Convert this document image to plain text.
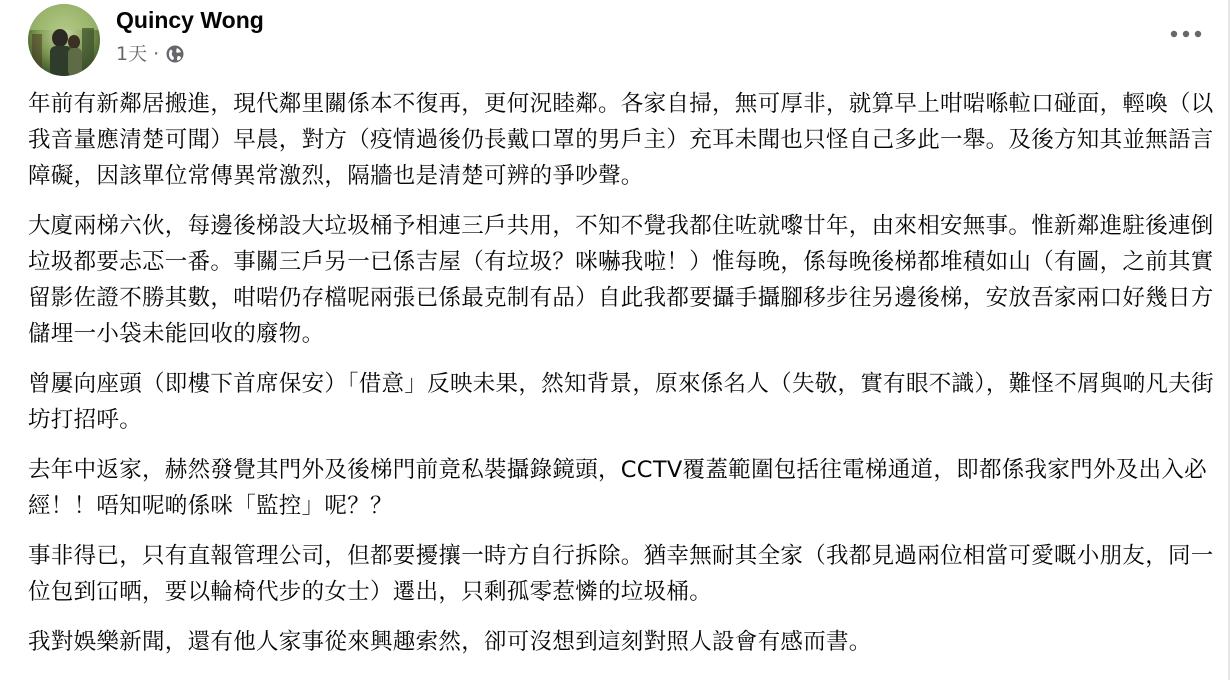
Quincy Wong
1天 ·

年前有新鄰居搬進，現代鄰里關係本不復再，更何況睦鄰。各家自掃，無可厚非，就算早上咁啱喺𨋢口碰面，輕喚（以我音量應清楚可聞）早晨，對方（疫情過後仍長戴口罩的男戶主）充耳未聞也只怪自己多此一舉。及後方知其並無語言障礙，因該單位常傳異常激烈，隔牆也是清楚可辨的爭吵聲。

大廈兩梯六伙，每邊後梯設大垃圾桶予相連三戶共用，不知不覺我都住咗就嚟廿年，由來相安無事。惟新鄰進駐後連倒垃圾都要忐忑一番。事關三戶另一已係吉屋（有垃圾？咪嚇我啦！）惟每晚，係每晚後梯都堆積如山（有圖，之前其實留影佐證不勝其數，咁啱仍存檔呢兩張已係最克制有品）自此我都要攝手攝腳移步往另邊後梯，安放吾家兩口好幾日方儲埋一小袋未能回收的廢物。

曾屢向座頭（即樓下首席保安）「借意」反映未果，然知背景，原來係名人（失敬，實有眼不識），難怪不屑與啲凡夫街坊打招呼。

去年中返家，赫然發覺其門外及後梯門前竟私裝攝錄鏡頭，CCTV覆蓋範圍包括往電梯通道，即都係我家門外及出入必經！！唔知呢啲係咪「監控」呢？？

事非得已，只有直報管理公司，但都要擾攘一時方自行拆除。猶幸無耐其全家（我都見過兩位相當可愛嘅小朋友，同一位包到冚晒，要以輪椅代步的女士）遷出，只剩孤零惹憐的垃圾桶。

我對娛樂新聞，還有他人家事從來興趣索然，卻可沒想到這刻對照人設會有感而書。
